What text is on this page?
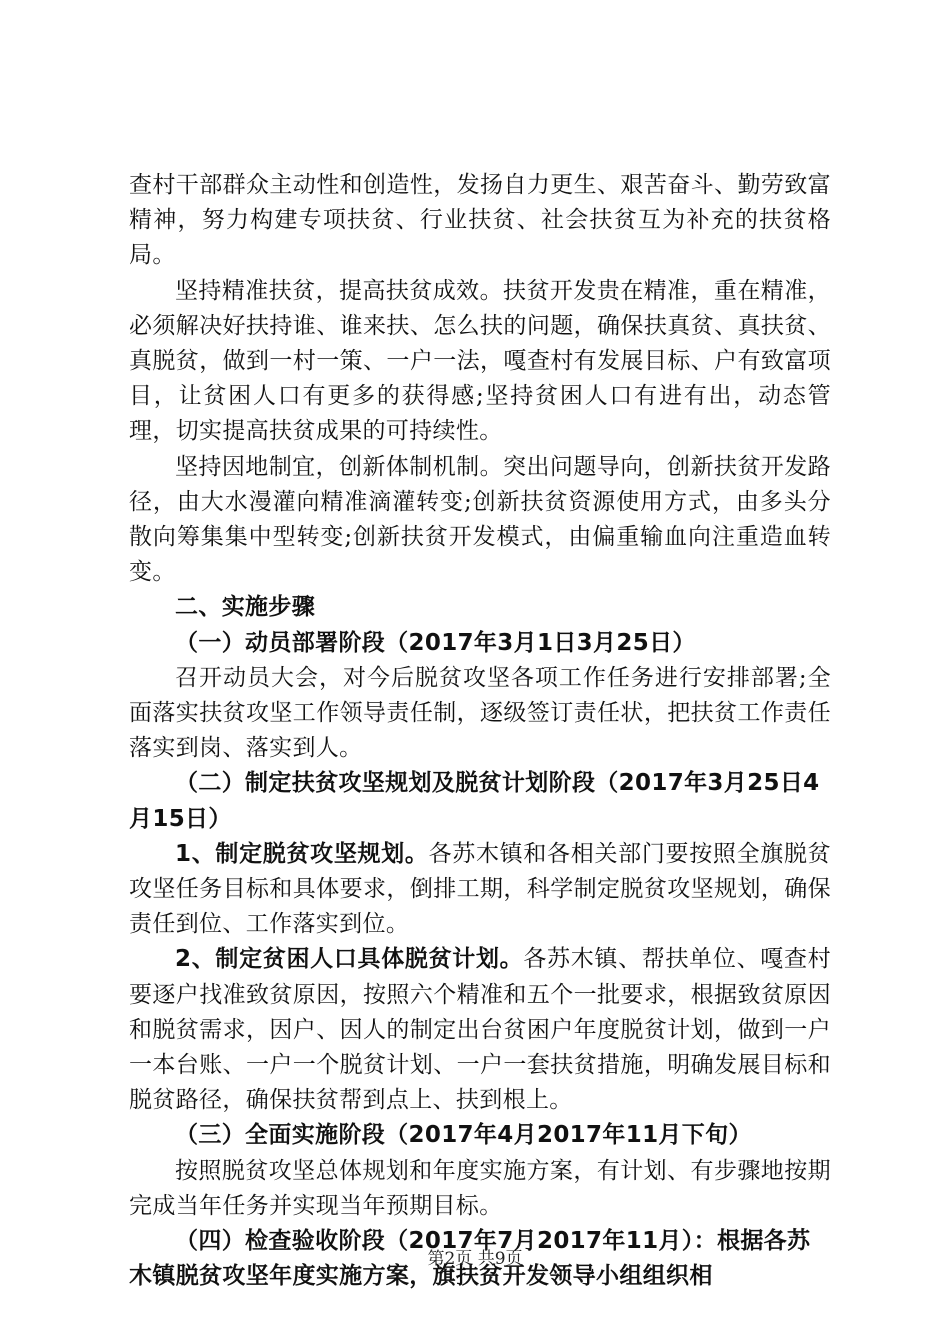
查村干部群众主动性和创造性，发扬自力更生、艰苦奋斗、勤劳致富精神，努力构建专项扶贫、行业扶贫、社会扶贫互为补充的扶贫格局。

坚持精准扶贫，提高扶贫成效。扶贫开发贵在精准，重在精准，必须解决好扶持谁、谁来扶、怎么扶的问题，确保扶真贫、真扶贫、真脱贫，做到一村一策、一户一法，嘎查村有发展目标、户有致富项目，让贫困人口有更多的获得感;坚持贫困人口有进有出，动态管理，切实提高扶贫成果的可持续性。

坚持因地制宜，创新体制机制。突出问题导向，创新扶贫开发路径，由大水漫灌向精准滴灌转变;创新扶贫资源使用方式，由多头分散向筹集集中型转变;创新扶贫开发模式，由偏重输血向注重造血转变。

二、实施步骤

（一）动员部署阶段（2017年3月1日3月25日）

召开动员大会，对今后脱贫攻坚各项工作任务进行安排部署;全面落实扶贫攻坚工作领导责任制，逐级签订责任状，把扶贫工作责任落实到岗、落实到人。

（二）制定扶贫攻坚规划及脱贫计划阶段（2017年3月25日4月15日）

1、制定脱贫攻坚规划。各苏木镇和各相关部门要按照全旗脱贫攻坚任务目标和具体要求，倒排工期，科学制定脱贫攻坚规划，确保责任到位、工作落实到位。

2、制定贫困人口具体脱贫计划。各苏木镇、帮扶单位、嘎查村要逐户找准致贫原因，按照六个精准和五个一批要求，根据致贫原因和脱贫需求，因户、因人的制定出台贫困户年度脱贫计划，做到一户一本台账、一户一个脱贫计划、一户一套扶贫措施，明确发展目标和脱贫路径，确保扶贫帮到点上、扶到根上。

（三）全面实施阶段（2017年4月2017年11月下旬）

按照脱贫攻坚总体规划和年度实施方案，有计划、有步骤地按期完成当年任务并实现当年预期目标。

（四）检查验收阶段（2017年7月2017年11月）：根据各苏木镇脱贫攻坚年度实施方案，旗扶贫开发领导小组组织相

第2页 共9页
